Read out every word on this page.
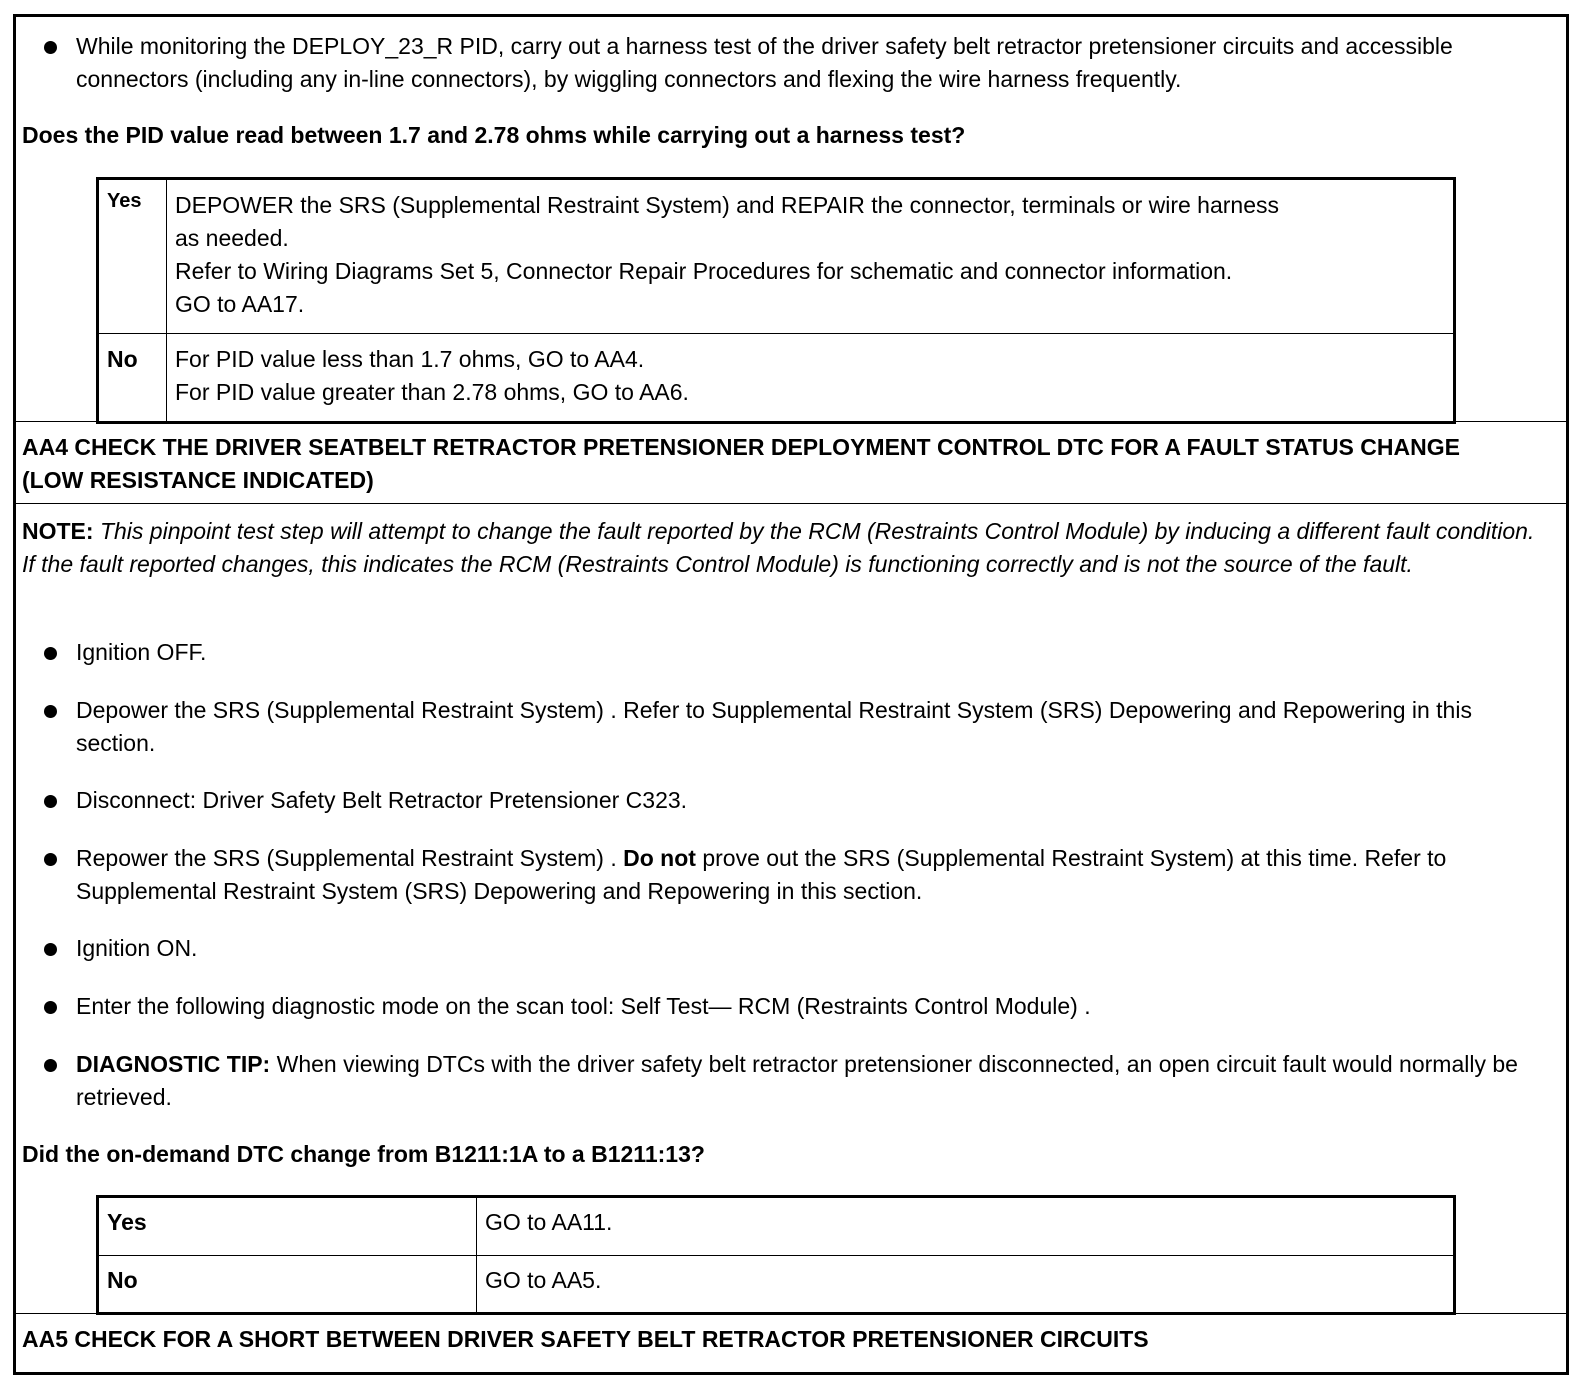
While monitoring the DEPLOY_23_R PID, carry out a harness test of the driver safety belt retractor pretensioner circuits and accessible connectors (including any in-line connectors), by wiggling connectors and flexing the wire harness frequently.
Does the PID value read between 1.7 and 2.78 ohms while carrying out a harness test?
Yes	DEPOWER the SRS (Supplemental Restraint System) and REPAIR the connector, terminals or wire harness
as needed.
Refer to Wiring Diagrams Set 5, Connector Repair Procedures for schematic and connector information.
GO to AA17.

No	For PID value less than 1.7 ohms, GO to AA4.
For PID value greater than 2.78 ohms, GO to AA6.
AA4 CHECK THE DRIVER SEATBELT RETRACTOR PRETENSIONER DEPLOYMENT CONTROL DTC FOR A FAULT STATUS CHANGE (LOW RESISTANCE INDICATED)
NOTE: This pinpoint test step will attempt to change the fault reported by the RCM (Restraints Control Module) by inducing a different fault condition. If the fault reported changes, this indicates the RCM (Restraints Control Module) is functioning correctly and is not the source of the fault.
Ignition OFF.
Depower the SRS (Supplemental Restraint System) . Refer to Supplemental Restraint System (SRS) Depowering and Repowering in this section.
Disconnect: Driver Safety Belt Retractor Pretensioner C323.
Repower the SRS (Supplemental Restraint System) . Do not prove out the SRS (Supplemental Restraint System) at this time. Refer to Supplemental Restraint System (SRS) Depowering and Repowering in this section.
Ignition ON.
Enter the following diagnostic mode on the scan tool: Self Test— RCM (Restraints Control Module) .
DIAGNOSTIC TIP: When viewing DTCs with the driver safety belt retractor pretensioner disconnected, an open circuit fault would normally be retrieved.
Did the on-demand DTC change from B1211:1A to a B1211:13?
Yes	GO to AA11.
No	GO to AA5.
AA5 CHECK FOR A SHORT BETWEEN DRIVER SAFETY BELT RETRACTOR PRETENSIONER CIRCUITS
